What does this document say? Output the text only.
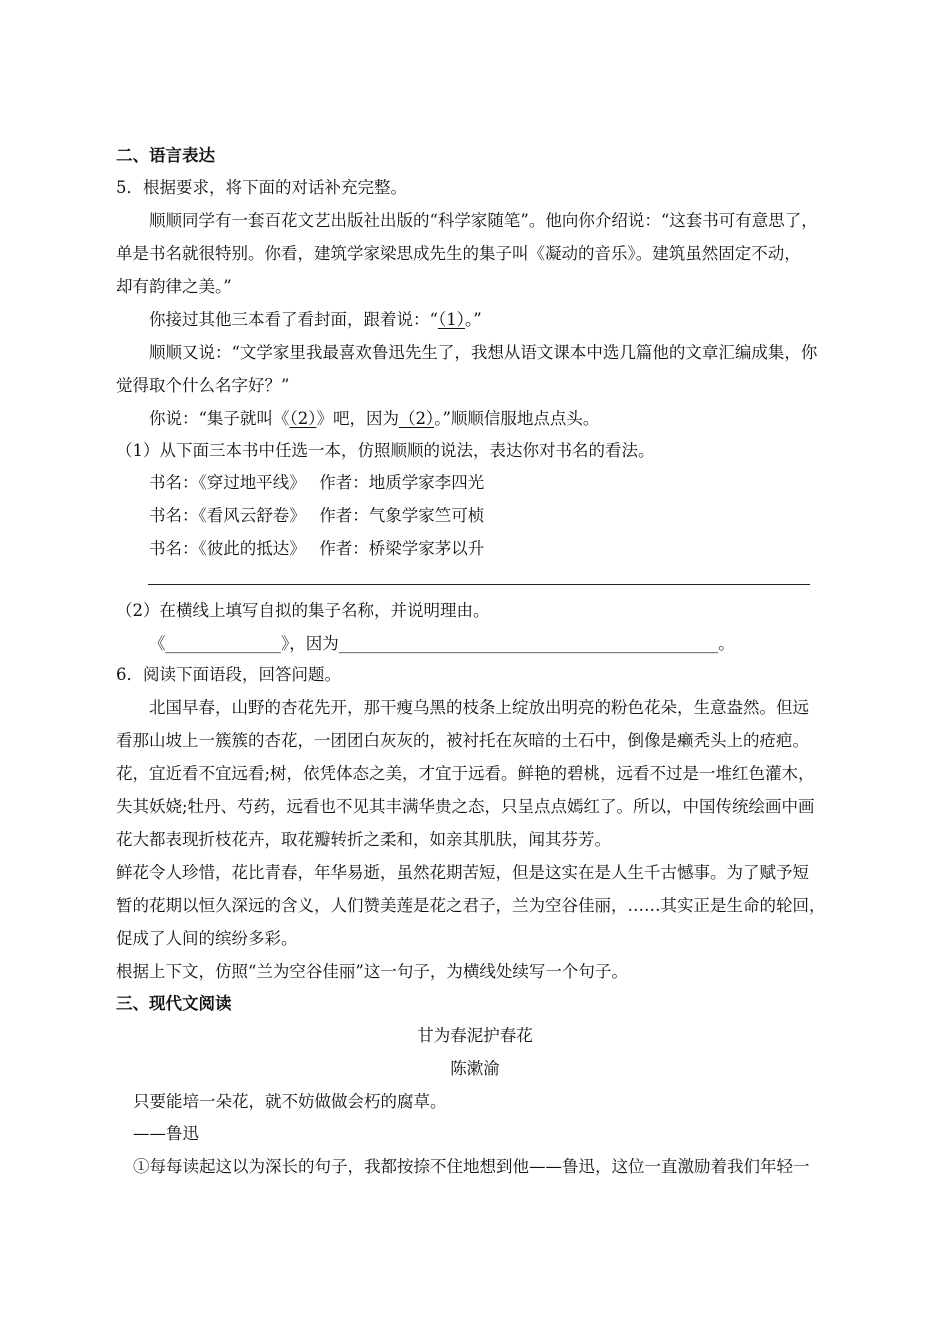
二、语言表达
5．根据要求，将下面的对话补充完整。
顺顺同学有一套百花文艺出版社出版的“科学家随笔”。他向你介绍说：“这套书可有意思了，
单是书名就很特别。你看，建筑学家梁思成先生的集子叫《凝动的音乐》。建筑虽然固定不动，
却有韵律之美。”
你接过其他三本看了看封面，跟着说：“（1）。”
顺顺又说：“文学家里我最喜欢鲁迅先生了，我想从语文课本中选几篇他的文章汇编成集，你
觉得取个什么名字好？”
你说：“集子就叫《（2）》吧，因为（2）。”顺顺信服地点点头。
（1）从下面三本书中任选一本，仿照顺顺的说法，表达你对书名的看法。
书名：《穿过地平线》　 作者：地质学家李四光
书名：《看风云舒卷》　 作者：气象学家竺可桢
书名：《彼此的抵达》　 作者：桥梁学家茅以升
（2）在横线上填写自拟的集子名称，并说明理由。
《______________》，因为______________________________________________。
6．阅读下面语段，回答问题。
北国早春，山野的杏花先开，那干瘦乌黑的枝条上绽放出明亮的粉色花朵，生意盎然。但远
看那山坡上一簇簇的杏花，一团团白灰灰的，被衬托在灰暗的土石中，倒像是癞秃头上的疮疤。
花，宜近看不宜远看;树，依凭体态之美，才宜于远看。鲜艳的碧桃，远看不过是一堆红色灌木，
失其妖娆;牡丹、芍药，远看也不见其丰满华贵之态，只呈点点嫣红了。所以，中国传统绘画中画
花大都表现折枝花卉，取花瓣转折之柔和，如亲其肌肤，闻其芬芳。
鲜花令人珍惜，花比青春，年华易逝，虽然花期苦短，但是这实在是人生千古憾事。为了赋予短
暂的花期以恒久深远的含义，人们赞美莲是花之君子，兰为空谷佳丽，……其实正是生命的轮回，
促成了人间的缤纷多彩。
根据上下文，仿照“兰为空谷佳丽”这一句子，为横线处续写一个句子。
三、现代文阅读
甘为春泥护春花
陈漱渝
只要能培一朵花，就不妨做做会朽的腐草。
——鲁迅
①每每读起这以为深长的句子，我都按捺不住地想到他——鲁迅，这位一直激励着我们年轻一
